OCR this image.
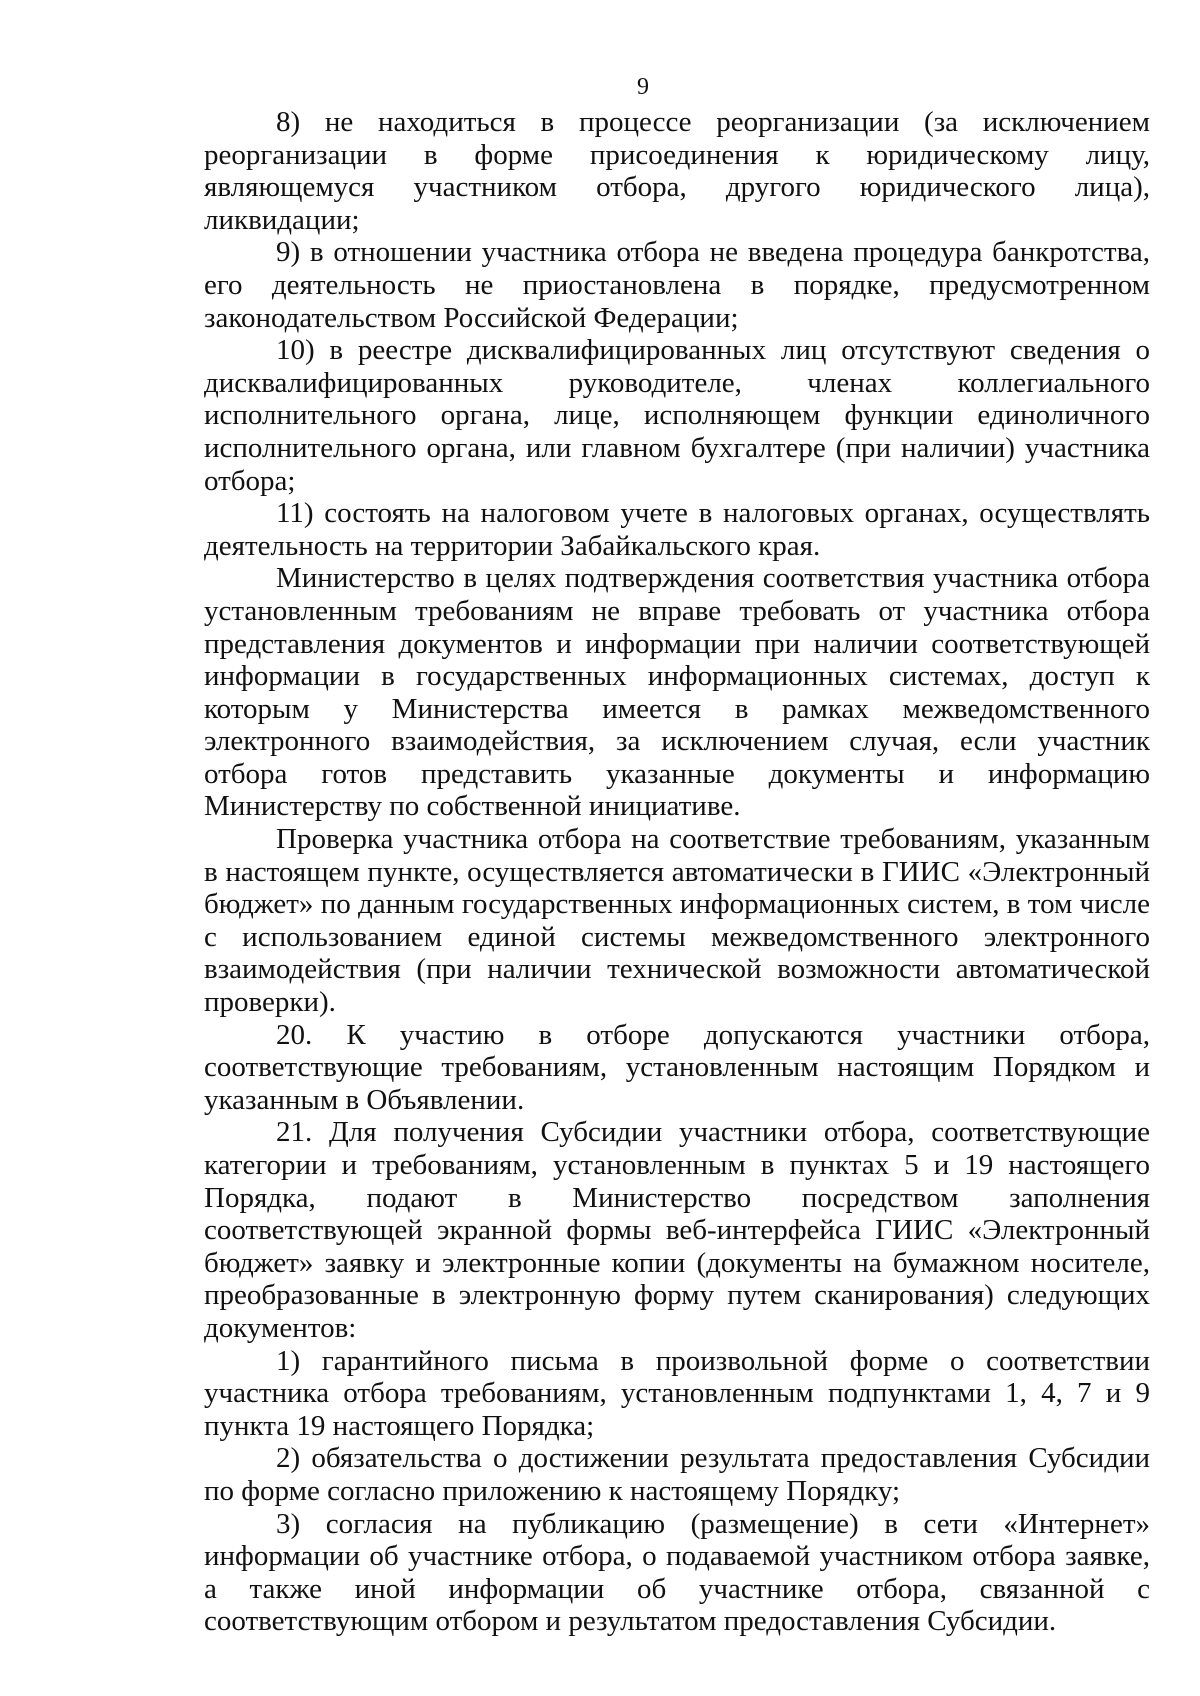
9

8) не находиться в процессе реорганизации (за исключением реорганизации в форме присоединения к юридическому лицу, являющемуся участником отбора, другого юридического лица), ликвидации;

9) в отношении участника отбора не введена процедура банкротства, его деятельность не приостановлена в порядке, предусмотренном законодательством Российской Федерации;

10) в реестре дисквалифицированных лиц отсутствуют сведения о дисквалифицированных руководителе, членах коллегиального исполнительного органа, лице, исполняющем функции единоличного исполнительного органа, или главном бухгалтере (при наличии) участника отбора;

11) состоять на налоговом учете в налоговых органах, осуществлять деятельность на территории Забайкальского края.

Министерство в целях подтверждения соответствия участника отбора установленным требованиям не вправе требовать от участника отбора представления документов и информации при наличии соответствующей информации в государственных информационных системах, доступ к которым у Министерства имеется в рамках межведомственного электронного взаимодействия, за исключением случая, если участник отбора готов представить указанные документы и информацию Министерству по собственной инициативе.

Проверка участника отбора на соответствие требованиям, указанным в настоящем пункте, осуществляется автоматически в ГИИС «Электронный бюджет» по данным государственных информационных систем, в том числе с использованием единой системы межведомственного электронного взаимодействия (при наличии технической возможности автоматической проверки).

20. К участию в отборе допускаются участники отбора, соответствующие требованиям, установленным настоящим Порядком и указанным в Объявлении.

21. Для получения Субсидии участники отбора, соответствующие категории и требованиям, установленным в пунктах 5 и 19 настоящего Порядка, подают в Министерство посредством заполнения соответствующей экранной формы веб-интерфейса ГИИС «Электронный бюджет» заявку и электронные копии (документы на бумажном носителе, преобразованные в электронную форму путем сканирования) следующих документов:

1) гарантийного письма в произвольной форме о соответствии участника отбора требованиям, установленным подпунктами 1, 4, 7 и 9 пункта 19 настоящего Порядка;

2) обязательства о достижении результата предоставления Субсидии по форме согласно приложению к настоящему Порядку;

3) согласия на публикацию (размещение) в сети «Интернет» информации об участнике отбора, о подаваемой участником отбора заявке, а также иной информации об участнике отбора, связанной с соответствующим отбором и результатом предоставления Субсидии.
